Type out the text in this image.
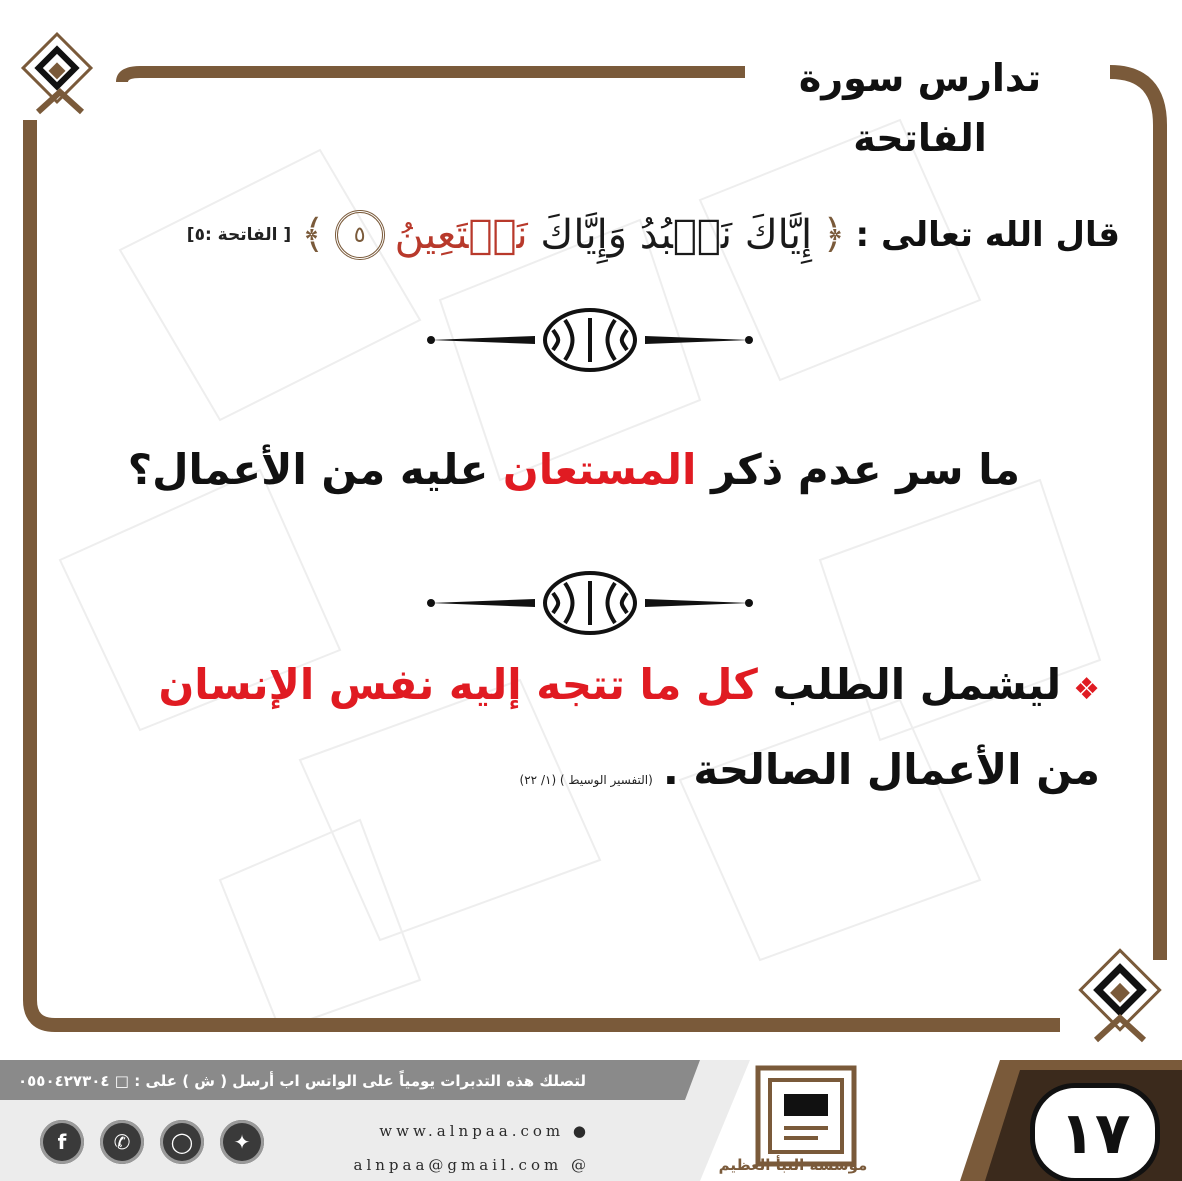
تدارس سورة الفاتحة
قال الله تعالى :
﴿
إِيَّاكَ نَعۡبُدُ وَإِيَّاكَ نَسۡتَعِينُ
٥
﴾
[ الفاتحة :٥]
ما سر عدم ذكر المستعان عليه من الأعمال؟
❖ليشمل الطلب كل ما تتجه إليه نفس الإنسان من الأعمال الصالحة .(التفسير الوسيط ) (١/ ٢٢)
لتصلك هذه التدبرات يومياً على الواتس اب أرسل ( ش ) على : □ ٠٥٥٠٤٢٧٣٠٤
www.alnpaa.com ●
alnpaa@gmail.com @
f	✆	◯	✦
مؤسسة النبأ العظيم	١٧
